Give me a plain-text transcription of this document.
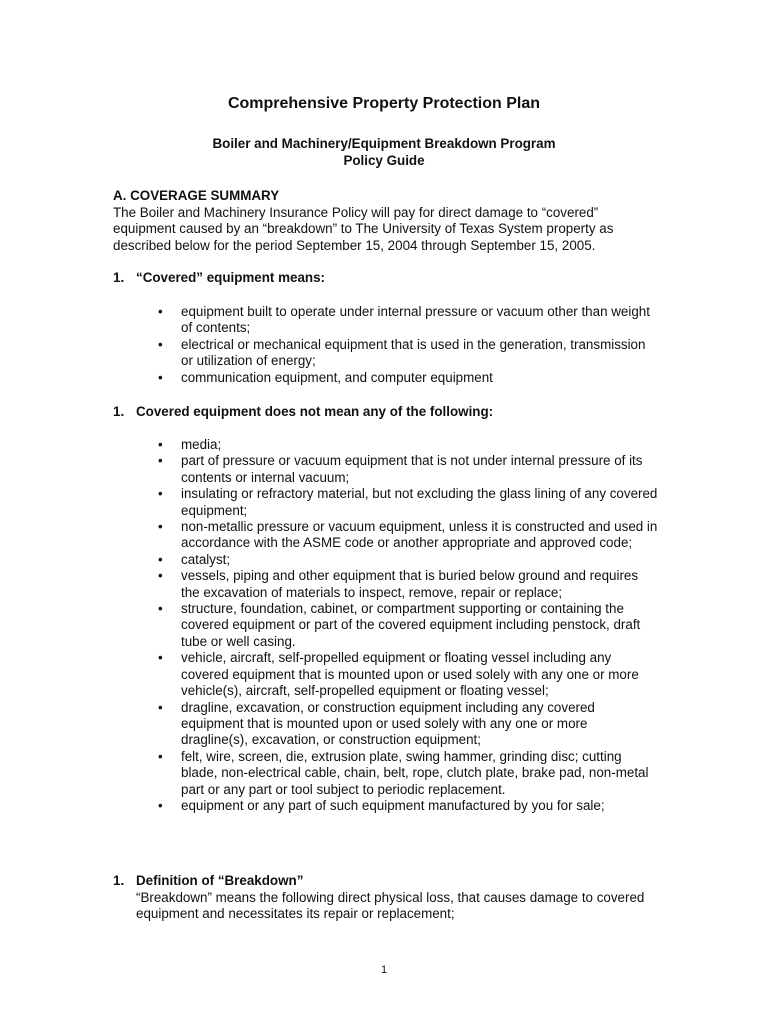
Comprehensive Property Protection Plan
Boiler and Machinery/Equipment Breakdown Program
Policy Guide
A. COVERAGE SUMMARY

The Boiler and Machinery Insurance Policy will pay for direct damage to “covered” equipment caused by an “breakdown” to The University of Texas System property as described below for the period September 15, 2004 through September 15, 2005.

1. “Covered” equipment means:
• equipment built to operate under internal pressure or vacuum other than weight of contents;
• electrical or mechanical equipment that is used in the generation, transmission or utilization of energy;
• communication equipment, and computer equipment
1. Covered equipment does not mean any of the following:
• media;
• part of pressure or vacuum equipment that is not under internal pressure of its contents or internal vacuum;
• insulating or refractory material, but not excluding the glass lining of any covered equipment;
• non-metallic pressure or vacuum equipment, unless it is constructed and used in accordance with the ASME code or another appropriate and approved code;
• catalyst;
• vessels, piping and other equipment that is buried below ground and requires the excavation of materials to inspect, remove, repair or replace;
• structure, foundation, cabinet, or compartment supporting or containing the covered equipment or part of the covered equipment including penstock, draft tube or well casing.
• vehicle, aircraft, self-propelled equipment or floating vessel including any covered equipment that is mounted upon or used solely with any one or more vehicle(s), aircraft, self-propelled equipment or floating vessel;
• dragline, excavation, or construction equipment including any covered equipment that is mounted upon or used solely with any one or more dragline(s), excavation, or construction equipment;
• felt, wire, screen, die, extrusion plate, swing hammer, grinding disc; cutting blade, non-electrical cable, chain, belt, rope, clutch plate, brake pad, non-metal part or any part or tool subject to periodic replacement.
• equipment or any part of such equipment manufactured by you for sale;
1. Definition of “Breakdown”

“Breakdown” means the following direct physical loss, that causes damage to covered equipment and necessitates its repair or replacement;

1
